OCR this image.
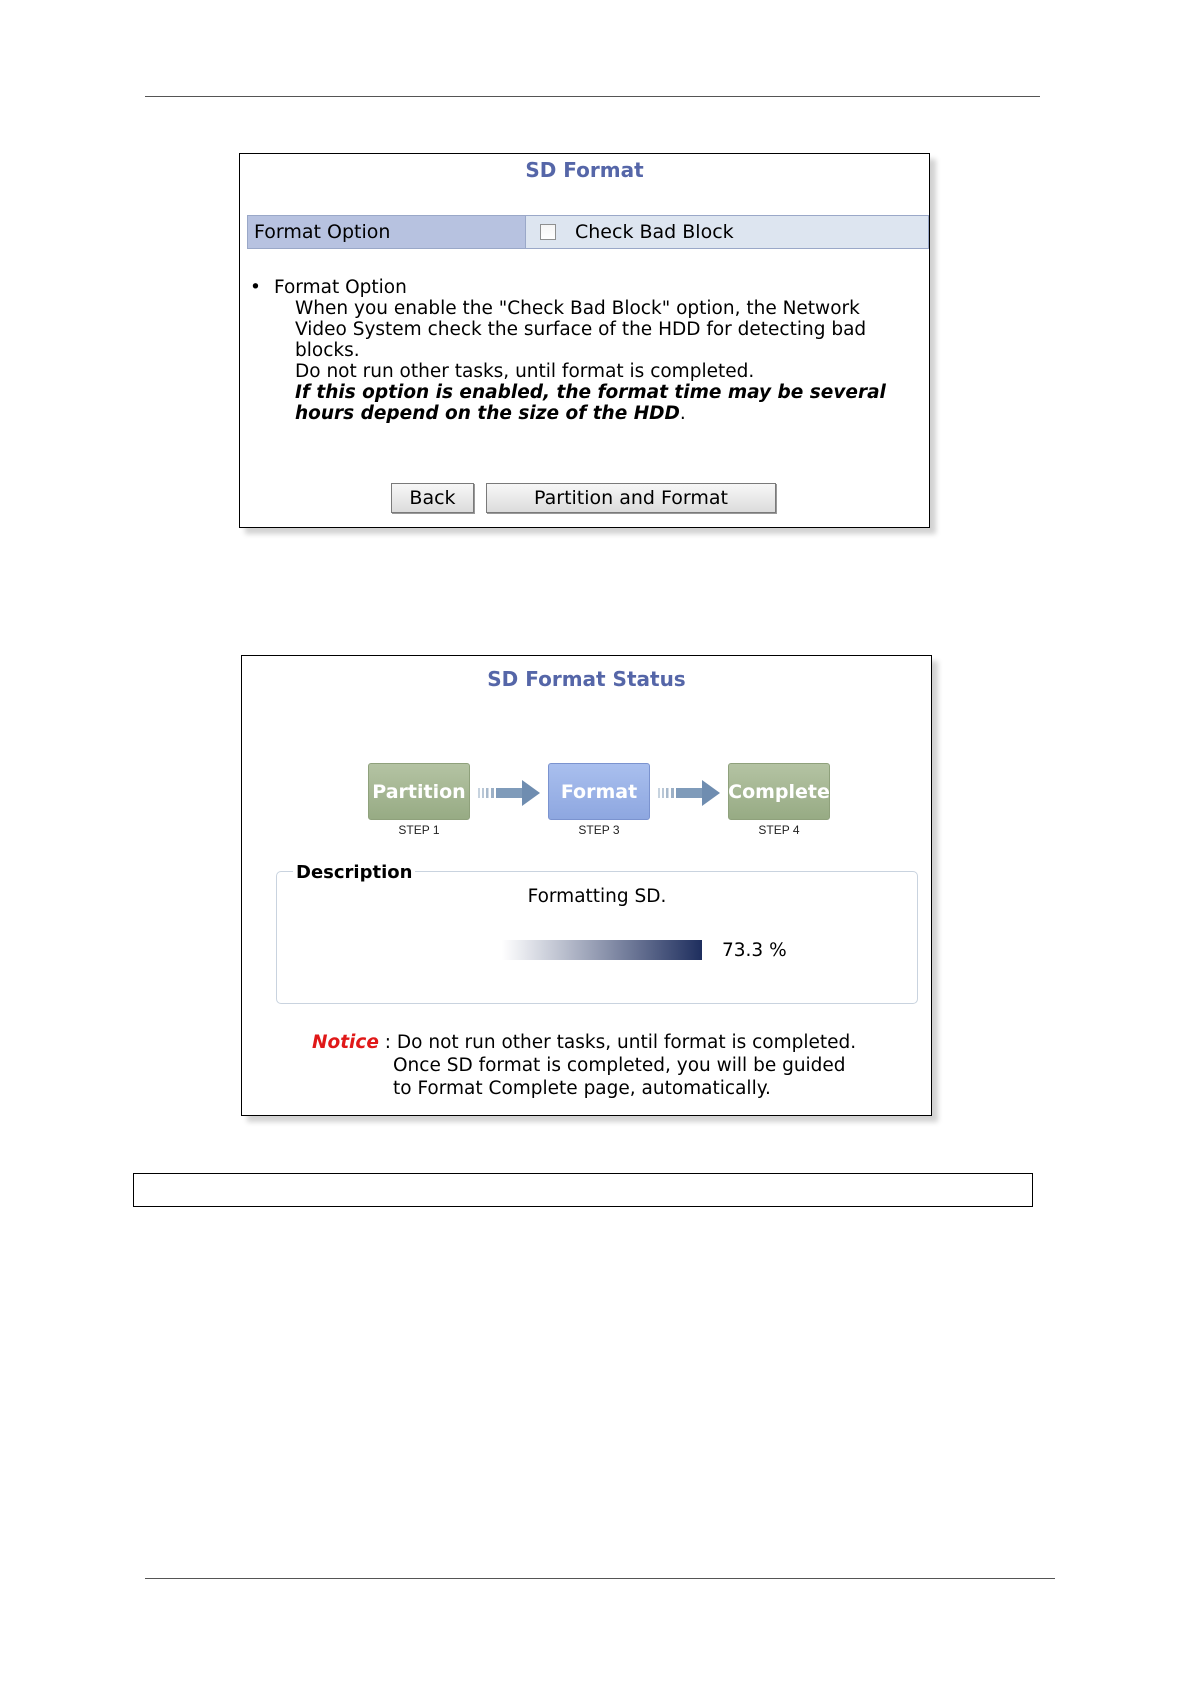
SD Format
Format Option	Check Bad Block
• Format Option
When you enable the "Check Bad Block" option, the Network
Video System check the surface of the HDD for detecting bad
blocks.
Do not run other tasks, until format is completed.
If this option is enabled, the format time may be several
hours depend on the size of the HDD.
Back	Partition and Format
SD Format Status
Partition
STEP 1
Format
STEP 3
Complete
STEP 4
Description
Formatting SD.
73.3 %
Notice : Do not run other tasks, until format is completed.
Once SD format is completed, you will be guided
to Format Complete page, automatically.
